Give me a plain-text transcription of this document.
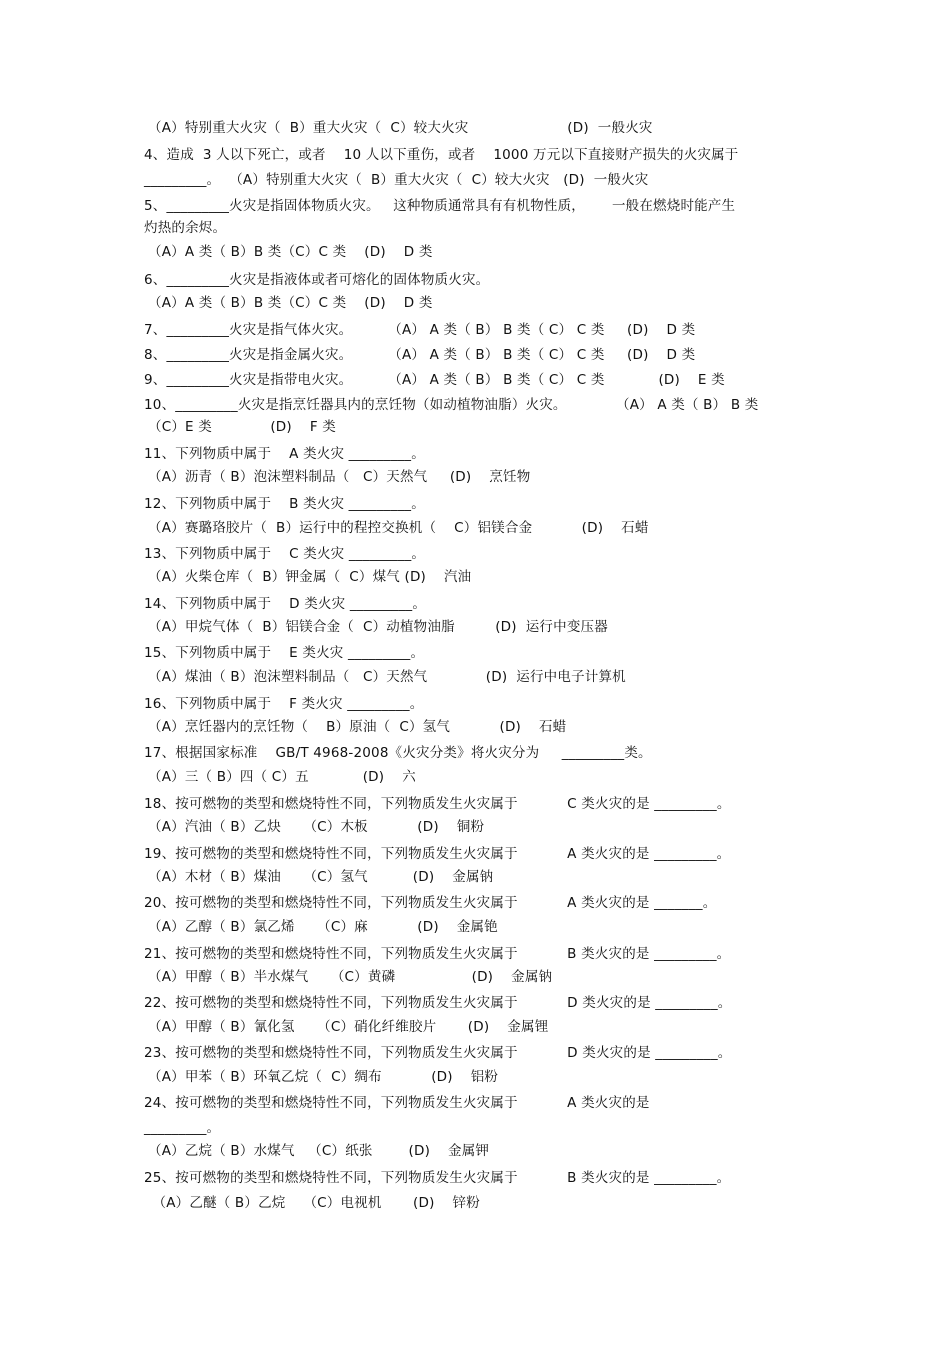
（A）特别重大火灾（  B）重大火灾（  C）较大火灾                      (D)  一般火灾
4、造成  3 人以下死亡，或者    10 人以下重伤，或者    1000 万元以下直接财产损失的火灾属于
_________。  （A）特别重大火灾（  B）重大火灾（  C）较大火灾   (D)  一般火灾
5、_________火灾是指固体物质火灾。   这种物质通常具有有机物性质，      一般在燃烧时能产生
灼热的余烬。
（A）A 类（ B）B 类（C）C 类    (D)    D 类
6、_________火灾是指液体或者可熔化的固体物质火灾。
（A）A 类（ B）B 类（C）C 类    (D)    D 类
7、_________火灾是指气体火灾。        （A） A 类（ B） B 类（ C） C 类     (D)    D 类
8、_________火灾是指金属火灾。        （A） A 类（ B） B 类（ C） C 类     (D)    D 类
9、_________火灾是指带电火灾。        （A） A 类（ B） B 类（ C） C 类            (D)    E 类
10、_________火灾是指烹饪器具内的烹饪物（如动植物油脂）火灾。           （A） A 类（ B） B 类
（C）E 类             (D)    F 类
11、下列物质中属于    A 类火灾 _________。
（A）沥青（ B）泡沫塑料制品（   C）天然气     (D)    烹饪物
12、下列物质中属于    B 类火灾 _________。
（A）赛璐珞胶片（  B）运行中的程控交换机（    C）铝镁合金           (D)    石蜡
13、下列物质中属于    C 类火灾 _________。
（A）火柴仓库（  B）钾金属（  C）煤气 (D)    汽油
14、下列物质中属于    D 类火灾 _________。
（A）甲烷气体（  B）铝镁合金（  C）动植物油脂         (D)  运行中变压器
15、下列物质中属于    E 类火灾 _________。
（A）煤油（ B）泡沫塑料制品（   C）天然气             (D)  运行中电子计算机
16、下列物质中属于    F 类火灾 _________。
（A）烹饪器内的烹饪物（    B）原油（  C）氢气           (D)    石蜡
17、根据国家标准    GB/T 4968-2008《火灾分类》将火灾分为     _________类。
（A）三（ B）四（ C）五            (D)    六
18、按可燃物的类型和燃烧特性不同，下列物质发生火灾属于           C 类火灾的是 _________。
（A）汽油（ B）乙炔     （C）木板           (D)    铜粉
19、按可燃物的类型和燃烧特性不同，下列物质发生火灾属于           A 类火灾的是 _________。
（A）木材（ B）煤油     （C）氢气          (D)    金属钠
20、按可燃物的类型和燃烧特性不同，下列物质发生火灾属于           A 类火灾的是 _______。
（A）乙醇（ B）氯乙烯     （C）麻           (D)    金属铯
21、按可燃物的类型和燃烧特性不同，下列物质发生火灾属于           B 类火灾的是 _________。
（A）甲醇（ B）半水煤气     （C）黄磷                 (D)    金属钠
22、按可燃物的类型和燃烧特性不同，下列物质发生火灾属于           D 类火灾的是 _________。
（A）甲醇（ B）氰化氢     （C）硝化纤维胶片       (D)    金属锂
23、按可燃物的类型和燃烧特性不同，下列物质发生火灾属于           D 类火灾的是 _________。
（A）甲苯（ B）环氧乙烷（  C）绸布           (D)    铝粉
24、按可燃物的类型和燃烧特性不同，下列物质发生火灾属于           A 类火灾的是
_________。
（A）乙烷（ B）水煤气   （C）纸张        (D)    金属钾
25、按可燃物的类型和燃烧特性不同，下列物质发生火灾属于           B 类火灾的是 _________。
（A）乙醚（ B）乙烷    （C）电视机       (D)    锌粉
